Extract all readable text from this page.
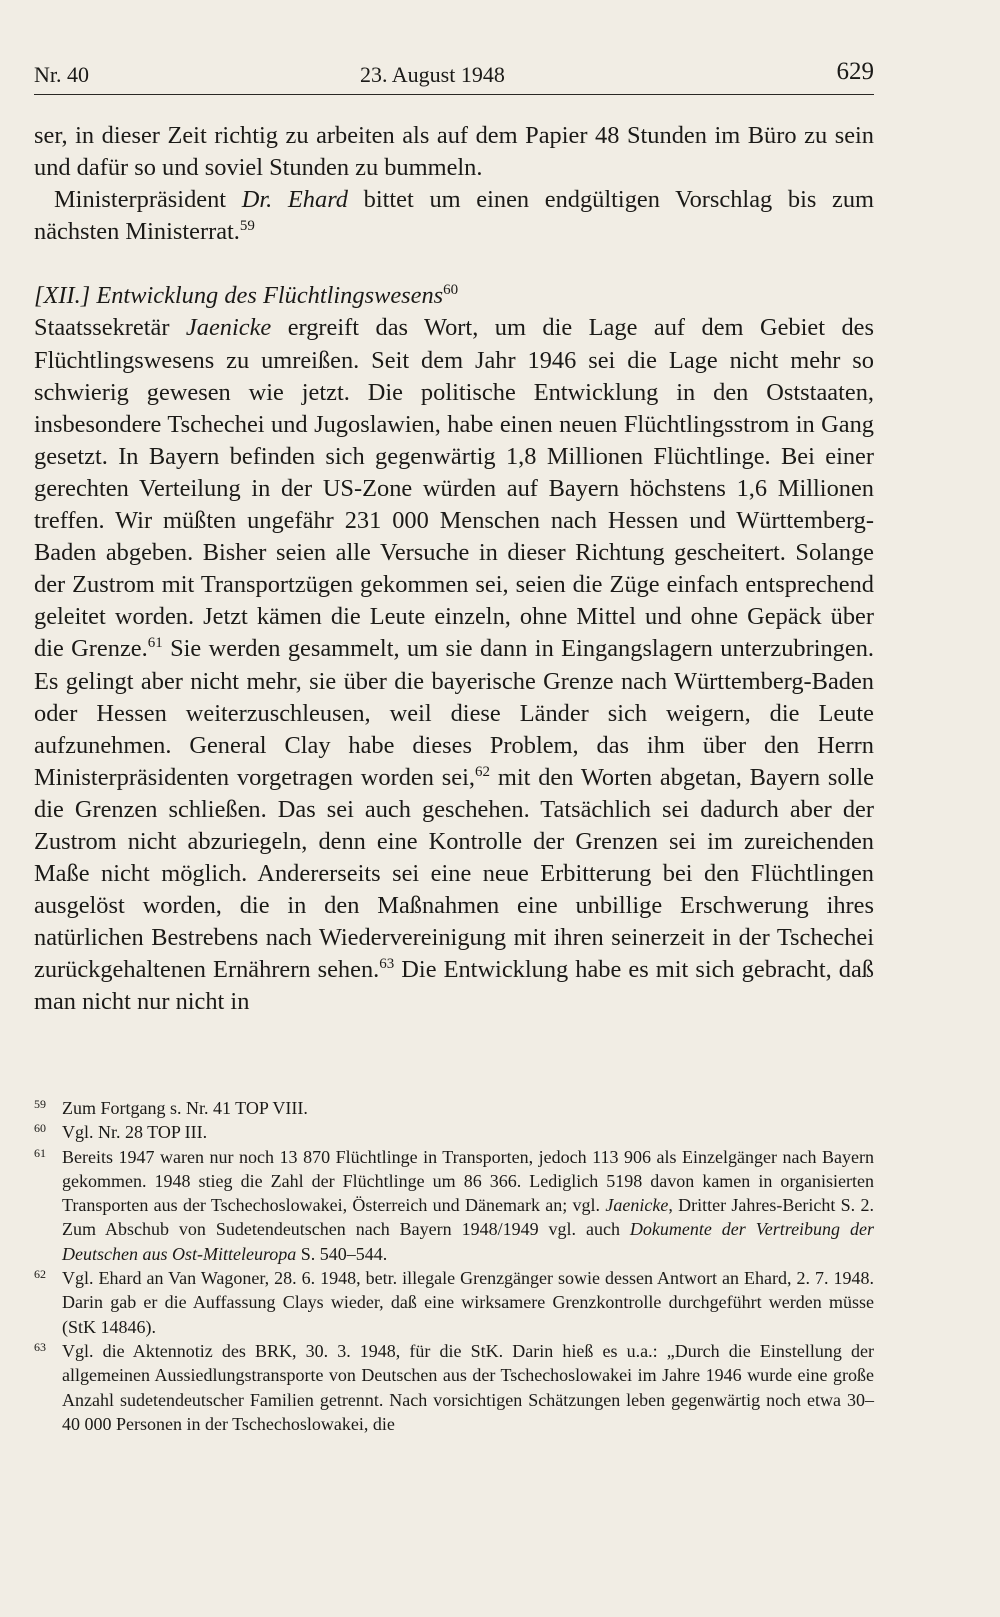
Nr. 40	23. August 1948	629

ser, in dieser Zeit richtig zu arbeiten als auf dem Papier 48 Stunden im Büro zu sein und dafür so und soviel Stunden zu bummeln.

Ministerpräsident Dr. Ehard bittet um einen endgültigen Vorschlag bis zum nächsten Ministerrat.$^{59}$

[XII.] Entwicklung des Flüchtlingswesens$^{60}$

Staatssekretär Jaenicke ergreift das Wort, um die Lage auf dem Gebiet des Flüchtlingswesens zu umreißen. Seit dem Jahr 1946 sei die Lage nicht mehr so schwierig gewesen wie jetzt. Die politische Entwicklung in den Oststaaten, insbesondere Tschechei und Jugoslawien, habe einen neuen Flüchtlingsstrom in Gang gesetzt. In Bayern befinden sich gegenwärtig 1,8 Millionen Flüchtlinge. Bei einer gerechten Verteilung in der US-Zone würden auf Bayern höchstens 1,6 Millionen treffen. Wir müßten ungefähr 231 000 Menschen nach Hessen und Württemberg-Baden abgeben. Bisher seien alle Versuche in dieser Richtung gescheitert. Solange der Zustrom mit Transportzügen gekommen sei, seien die Züge einfach entsprechend geleitet worden. Jetzt kämen die Leute einzeln, ohne Mittel und ohne Gepäck über die Grenze.$^{61}$ Sie werden gesammelt, um sie dann in Eingangslagern unterzubringen. Es gelingt aber nicht mehr, sie über die bayerische Grenze nach Württemberg-Baden oder Hessen weiterzuschleusen, weil diese Länder sich weigern, die Leute aufzunehmen. General Clay habe dieses Problem, das ihm über den Herrn Ministerpräsidenten vorgetragen worden sei,$^{62}$ mit den Worten abgetan, Bayern solle die Grenzen schließen. Das sei auch geschehen. Tatsächlich sei dadurch aber der Zustrom nicht abzuriegeln, denn eine Kontrolle der Grenzen sei im zureichenden Maße nicht möglich. Andererseits sei eine neue Erbitterung bei den Flüchtlingen ausgelöst worden, die in den Maßnahmen eine unbillige Erschwerung ihres natürlichen Bestrebens nach Wiedervereinigung mit ihren seinerzeit in der Tschechei zurückgehaltenen Ernährern sehen.$^{63}$ Die Entwicklung habe es mit sich gebracht, daß man nicht nur nicht in

59 Zum Fortgang s. Nr. 41 TOP VIII.
60 Vgl. Nr. 28 TOP III.
61 Bereits 1947 waren nur noch 13 870 Flüchtlinge in Transporten, jedoch 113 906 als Einzelgänger nach Bayern gekommen. 1948 stieg die Zahl der Flüchtlinge um 86 366. Lediglich 5198 davon kamen in organisierten Transporten aus der Tschechoslowakei, Österreich und Dänemark an; vgl. Jaenicke, Dritter Jahres-Bericht S. 2. Zum Abschub von Sudetendeutschen nach Bayern 1948/1949 vgl. auch Dokumente der Vertreibung der Deutschen aus Ost-Mitteleuropa S. 540–544.
62 Vgl. Ehard an Van Wagoner, 28. 6. 1948, betr. illegale Grenzgänger sowie dessen Antwort an Ehard, 2. 7. 1948. Darin gab er die Auffassung Clays wieder, daß eine wirksamere Grenzkontrolle durchgeführt werden müsse (StK 14846).
63 Vgl. die Aktennotiz des BRK, 30. 3. 1948, für die StK. Darin hieß es u.a.: „Durch die Einstellung der allgemeinen Aussiedlungstransporte von Deutschen aus der Tschechoslowakei im Jahre 1946 wurde eine große Anzahl sudetendeutscher Familien getrennt. Nach vorsichtigen Schätzungen leben gegenwärtig noch etwa 30–40 000 Personen in der Tschechoslowakei, die
